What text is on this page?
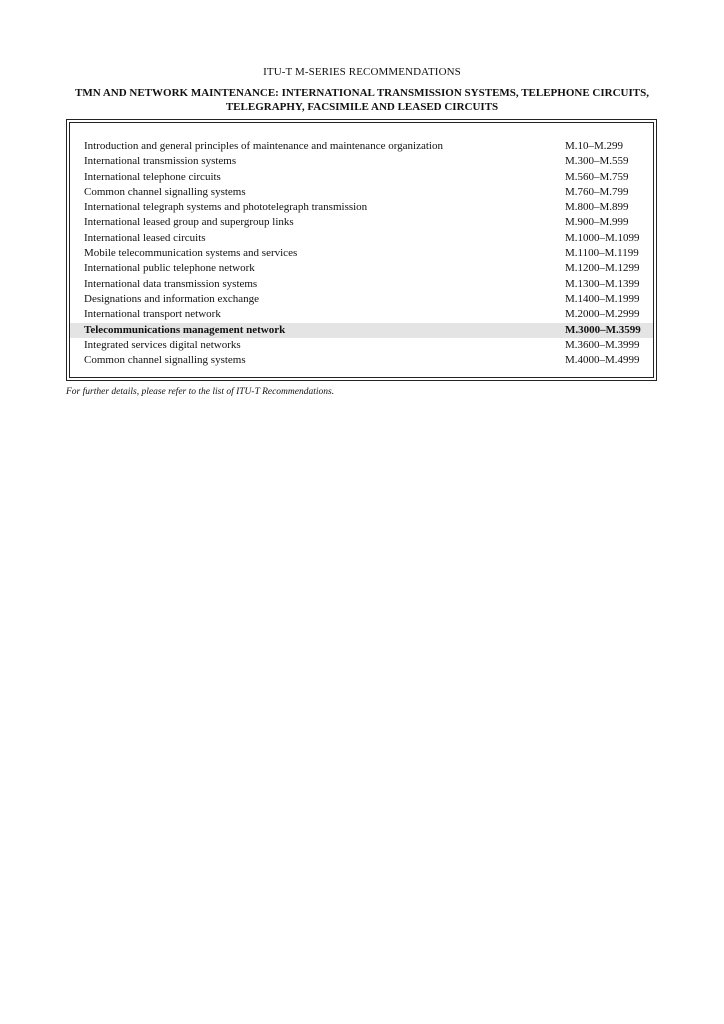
ITU-T M-SERIES RECOMMENDATIONS
TMN AND NETWORK MAINTENANCE: INTERNATIONAL TRANSMISSION SYSTEMS, TELEPHONE CIRCUITS, TELEGRAPHY, FACSIMILE AND LEASED CIRCUITS
Introduction and general principles of maintenance and maintenance organization	M.10–M.299
International transmission systems	M.300–M.559
International telephone circuits	M.560–M.759
Common channel signalling systems	M.760–M.799
International telegraph systems and phototelegraph transmission	M.800–M.899
International leased group and supergroup links	M.900–M.999
International leased circuits	M.1000–M.1099
Mobile telecommunication systems and services	M.1100–M.1199
International public telephone network	M.1200–M.1299
International data transmission systems	M.1300–M.1399
Designations and information exchange	M.1400–M.1999
International transport network	M.2000–M.2999
Telecommunications management network	M.3000–M.3599
Integrated services digital networks	M.3600–M.3999
Common channel signalling systems	M.4000–M.4999

For further details, please refer to the list of ITU-T Recommendations.
